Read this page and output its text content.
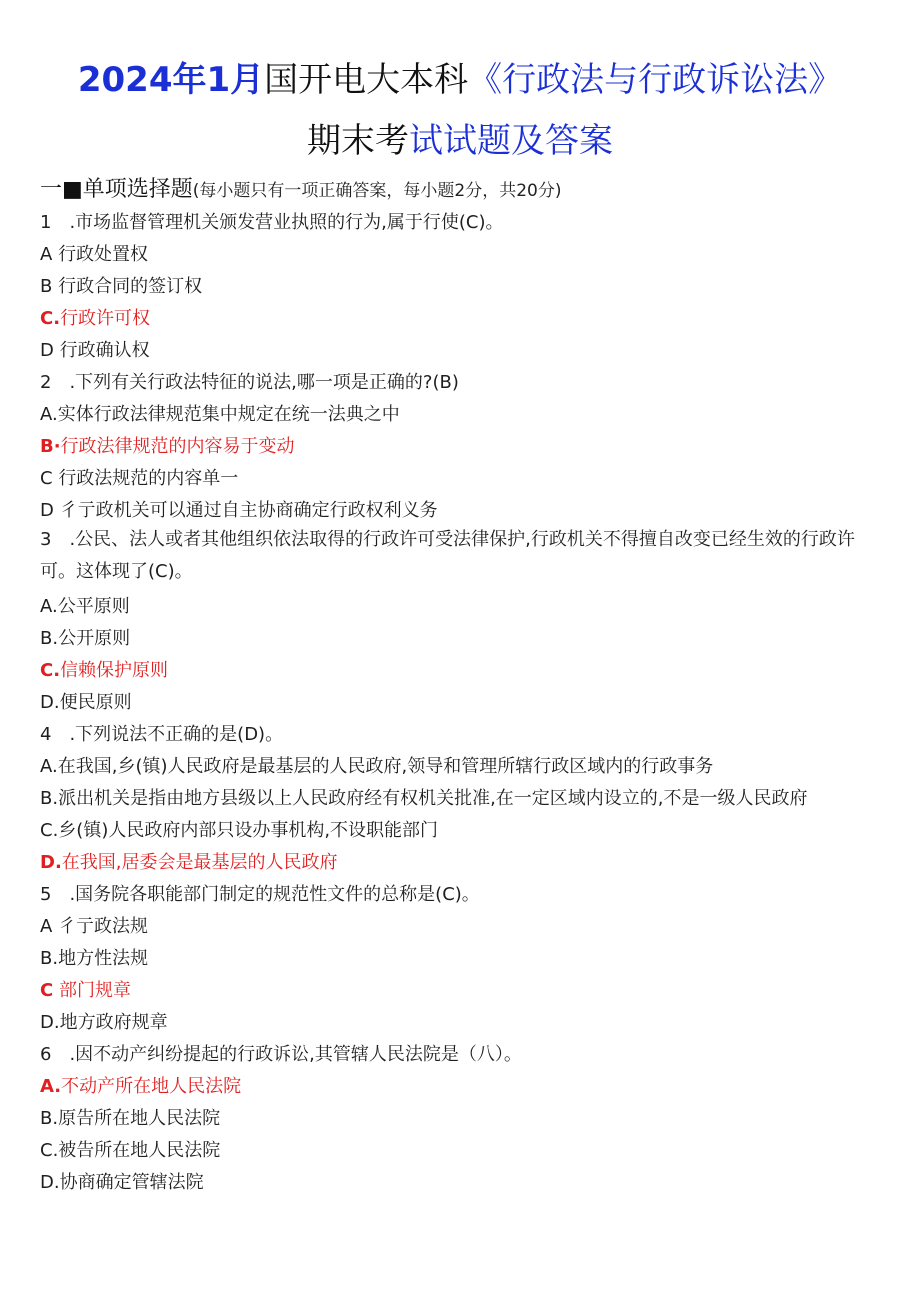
2024年1月国开电大本科《行政法与行政诉讼法》
期末考试试题及答案
一■单项选择题(每小题只有一项正确答案，每小题2分，共20分)
1　.市场监督管理机关颁发营业执照的行为,属于行使(C)。
A 行政处置权
B 行政合同的签订权
C.行政许可权
D 行政确认权
2　.下列有关行政法特征的说法,哪一项是正确的?(B)
A.实体行政法律规范集中规定在统一法典之中
B·行政法律规范的内容易于变动
C 行政法规范的内容单一
D 彳亍政机关可以通过自主协商确定行政权利义务
3　.公民、法人或者其他组织依法取得的行政许可受法律保护,行政机关不得擅自改变已经生效的行政许可。这体现了(C)。
A.公平原则
B.公开原则
C.信赖保护原则
D.便民原则
4　.下列说法不正确的是(D)。
A.在我国,乡(镇)人民政府是最基层的人民政府,领导和管理所辖行政区域内的行政事务
B.派出机关是指由地方县级以上人民政府经有权机关批准,在一定区域内设立的,不是一级人民政府
C.乡(镇)人民政府内部只设办事机构,不设职能部门
D.在我国,居委会是最基层的人民政府
5　.国务院各职能部门制定的规范性文件的总称是(C)。
A 彳亍政法规
B.地方性法规
C 部门规章
D.地方政府规章
6　.因不动产纠纷提起的行政诉讼,其管辖人民法院是（八）。
A.不动产所在地人民法院
B.原告所在地人民法院
C.被告所在地人民法院
D.协商确定管辖法院
